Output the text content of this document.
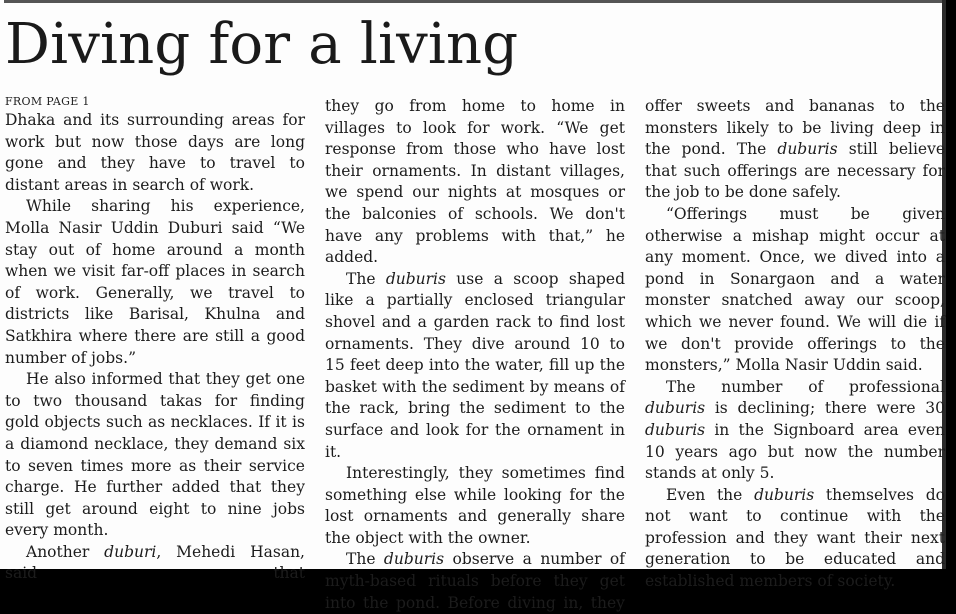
Diving for a living
FROM PAGE 1

Dhaka and its surrounding areas for work but now those days are long gone and they have to travel to distant areas in search of work.

While sharing his experience, Molla Nasir Uddin Duburi said “We stay out of home around a month when we visit far-off places in search of work. Generally, we travel to districts like Barisal, Khulna and Satkhira where there are still a good number of jobs.”

He also informed that they get one to two thousand takas for finding gold objects such as necklaces. If it is a diamond necklace, they demand six to seven times more as their service charge. He further added that they still get around eight to nine jobs every month.

Another duburi, Mehedi Hasan, said	that

they go from home to home in villages to look for work. “We get response from those who have lost their ornaments. In distant villages, we spend our nights at mosques or the balconies of schools. We don't have any problems with that,” he added.

The duburis use a scoop shaped like a partially enclosed triangular shovel and a garden rack to find lost ornaments. They dive around 10 to 15 feet deep into the water, fill up the basket with the sediment by means of the rack, bring the sediment to the surface and look for the ornament in it.

Interestingly, they sometimes find something else while looking for the lost ornaments and generally share the object with the owner.

The duburis observe a number of myth-based rituals before they get into the pond. Before diving in, they

offer sweets and bananas to the monsters likely to be living deep in the pond. The duburis still believe that such offerings are necessary for the job to be done safely.

“Offerings must be given otherwise a mishap might occur at any moment. Once, we dived into a pond in Sonargaon and a water monster snatched away our scoop, which we never found. We will die if we don't provide offerings to the monsters,” Molla Nasir Uddin said.

The number of professional duburis is declining; there were 30 duburis in the Signboard area even 10 years ago but now the number stands at only 5.

Even the duburis themselves do not want to continue with the profession and they want their next generation to be educated and established members of society.
